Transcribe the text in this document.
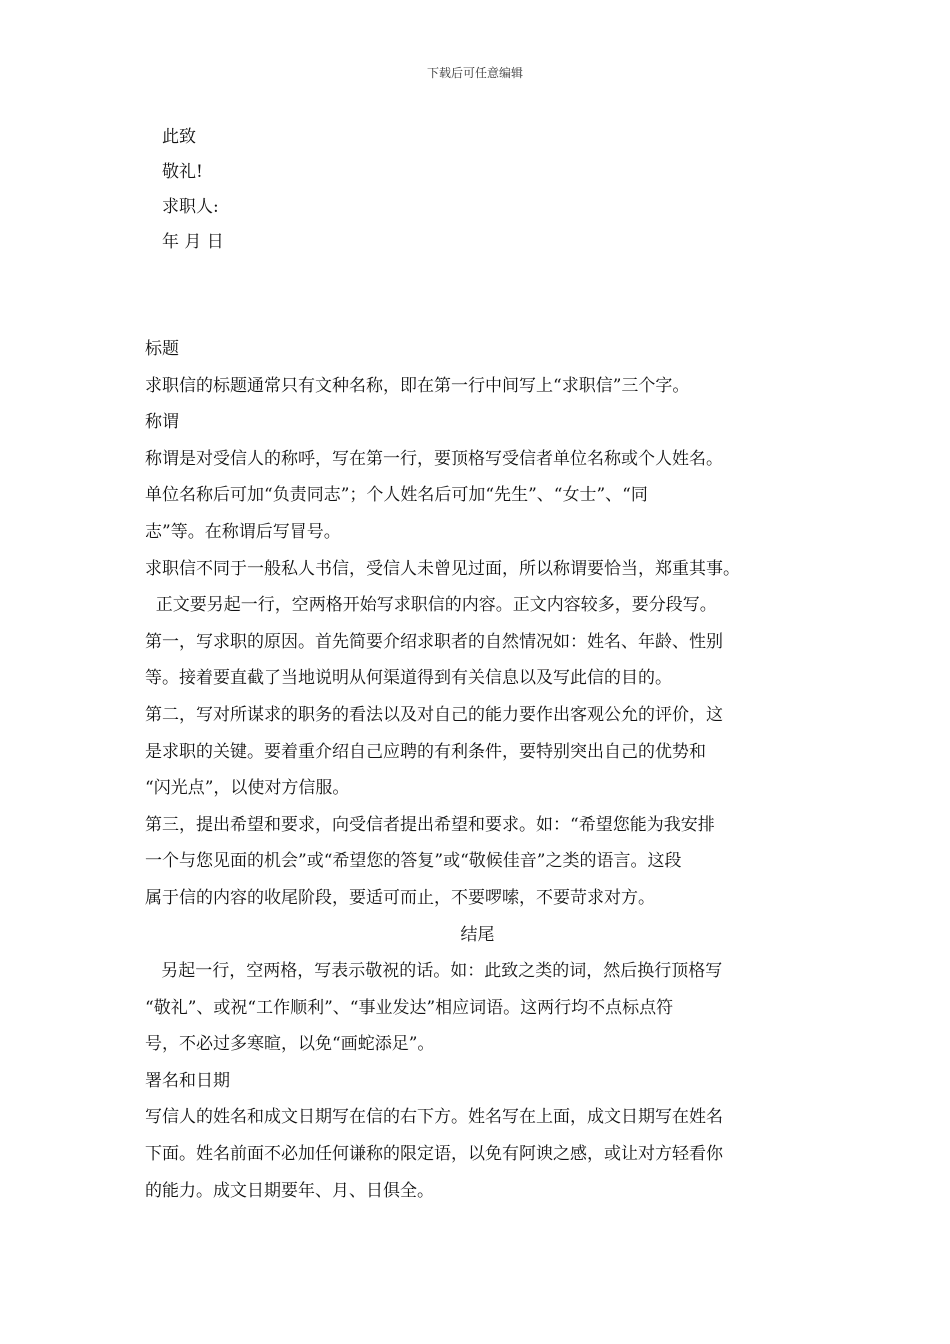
下载后可任意编辑
此致
敬礼!
求职人:
年 月 日
标题
求职信的标题通常只有文种名称，即在第一行中间写上“求职信”三个字。
称谓
称谓是对受信人的称呼，写在第一行，要顶格写受信者单位名称或个人姓名。
单位名称后可加“负责同志”；个人姓名后可加“先生”、“女士”、“同
志”等。在称谓后写冒号。
求职信不同于一般私人书信，受信人未曾见过面，所以称谓要恰当，郑重其事。
正文要另起一行，空两格开始写求职信的内容。正文内容较多，要分段写。
第一，写求职的原因。首先简要介绍求职者的自然情况如：姓名、年龄、性别
等。接着要直截了当地说明从何渠道得到有关信息以及写此信的目的。
第二，写对所谋求的职务的看法以及对自己的能力要作出客观公允的评价，这
是求职的关键。要着重介绍自己应聘的有利条件，要特别突出自己的优势和
“闪光点”，以使对方信服。
第三，提出希望和要求，向受信者提出希望和要求。如：“希望您能为我安排
一个与您见面的机会”或“希望您的答复”或“敬候佳音”之类的语言。这段
属于信的内容的收尾阶段，要适可而止，不要啰嗦，不要苛求对方。
结尾
另起一行，空两格，写表示敬祝的话。如：此致之类的词，然后换行顶格写
“敬礼”、或祝“工作顺利”、“事业发达”相应词语。这两行均不点标点符
号，不必过多寒暄，以免“画蛇添足”。
署名和日期
写信人的姓名和成文日期写在信的右下方。姓名写在上面，成文日期写在姓名
下面。姓名前面不必加任何谦称的限定语，以免有阿谀之感，或让对方轻看你
的能力。成文日期要年、月、日俱全。
